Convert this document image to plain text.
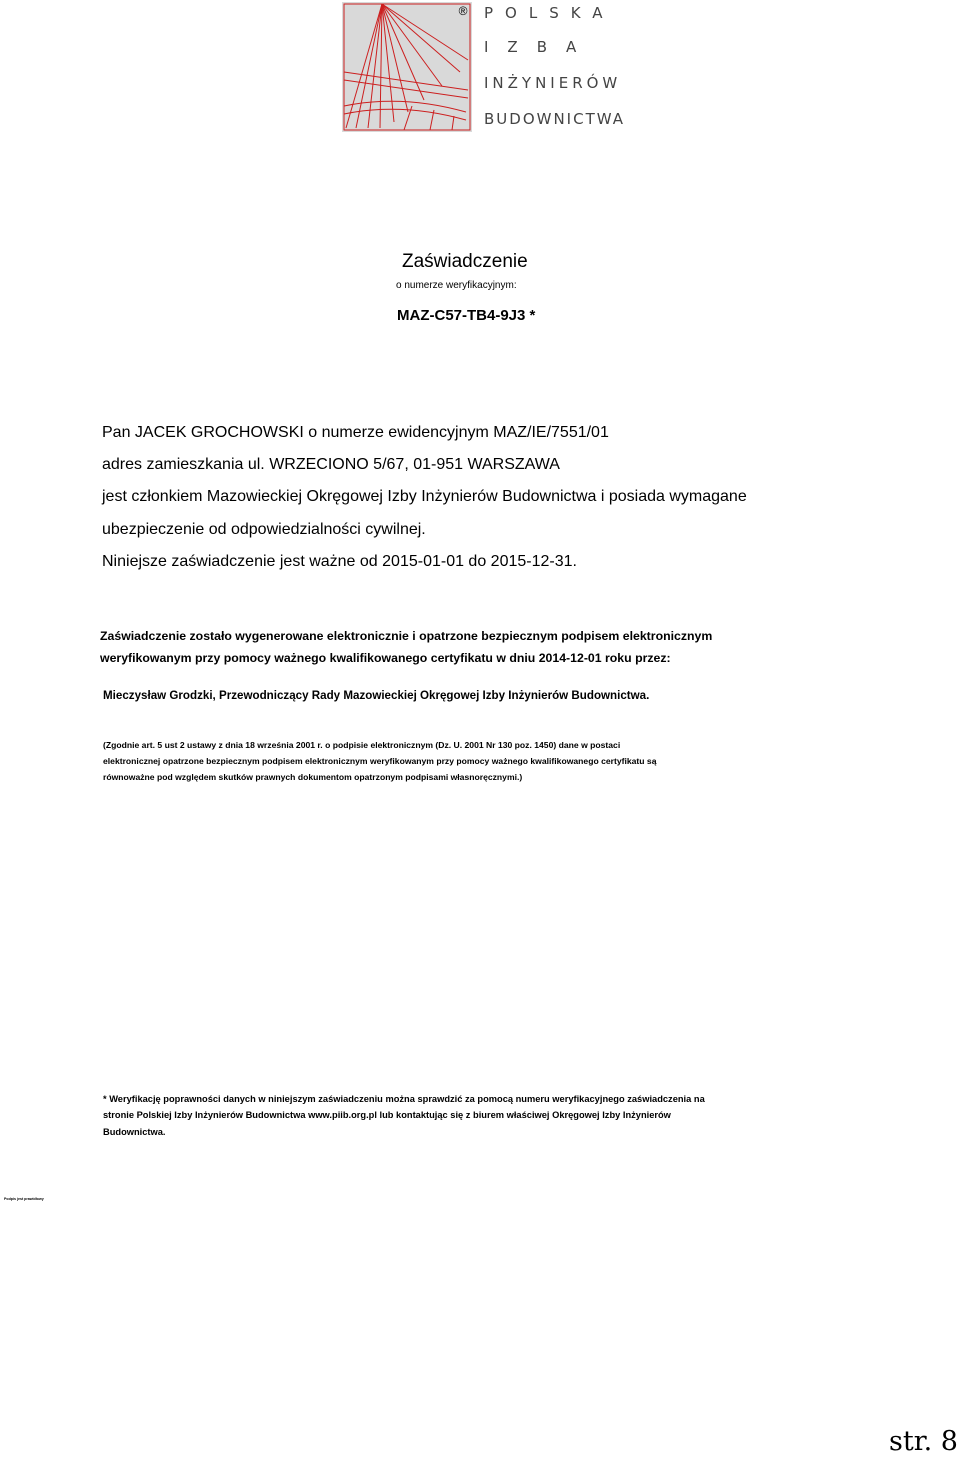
® POLSKA
IZBA
INŻYNIERÓW
BUDOWNICTWA
Zaświadczenie
o numerze weryfikacyjnym:
MAZ-C57-TB4-9J3 *
Pan JACEK GROCHOWSKI o numerze ewidencyjnym MAZ/IE/7551/01
adres zamieszkania ul. WRZECIONO 5/67, 01-951 WARSZAWA
jest członkiem Mazowieckiej Okręgowej Izby Inżynierów Budownictwa i posiada wymagane
ubezpieczenie od odpowiedzialności cywilnej.
Niniejsze zaświadczenie jest ważne od 2015-01-01 do 2015-12-31.
Zaświadczenie zostało wygenerowane elektronicznie i opatrzone bezpiecznym podpisem elektronicznym
weryfikowanym przy pomocy ważnego kwalifikowanego certyfikatu w dniu 2014-12-01 roku przez:
Mieczysław Grodzki, Przewodniczący Rady Mazowieckiej Okręgowej Izby Inżynierów Budownictwa.
(Zgodnie art. 5 ust 2 ustawy z dnia 18 września 2001 r. o podpisie elektronicznym (Dz. U. 2001 Nr 130 poz. 1450) dane w postaci
elektronicznej opatrzone bezpiecznym podpisem elektronicznym weryfikowanym przy pomocy ważnego kwalifikowanego certyfikatu są
równoważne pod względem skutków prawnych dokumentom opatrzonym podpisami własnoręcznymi.)
* Weryfikację poprawności danych w niniejszym zaświadczeniu można sprawdzić za pomocą numeru weryfikacyjnego zaświadczenia na
stronie Polskiej Izby Inżynierów Budownictwa www.piib.org.pl lub kontaktując się z biurem właściwej Okręgowej Izby Inżynierów
Budownictwa.
Podpis jest prawidłowy
str. 8
